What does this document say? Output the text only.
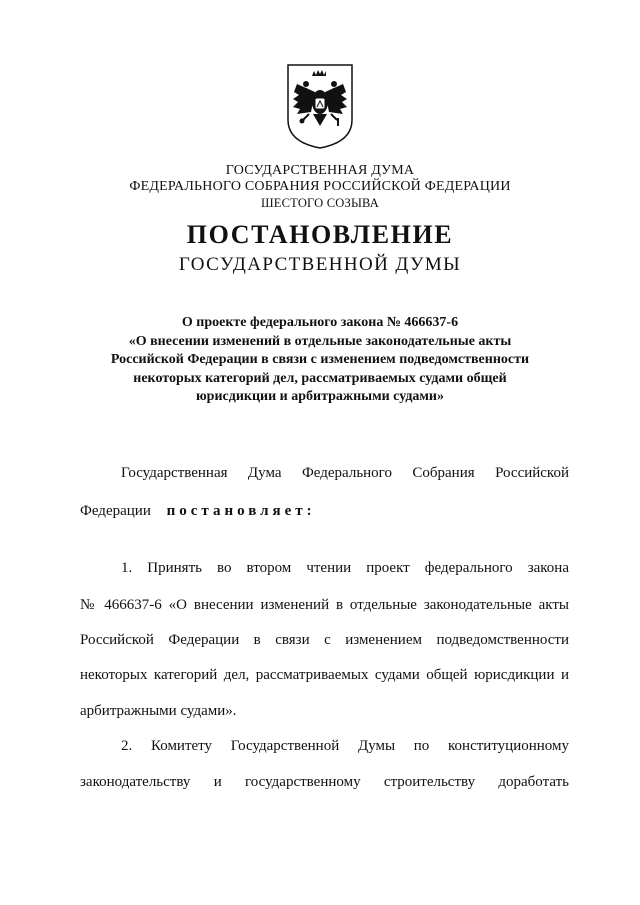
ГОСУДАРСТВЕННАЯ ДУМА
ФЕДЕРАЛЬНОГО СОБРАНИЯ РОССИЙСКОЙ ФЕДЕРАЦИИ
ШЕСТОГО СОЗЫВА
ПОСТАНОВЛЕНИЕ
ГОСУДАРСТВЕННОЙ ДУМЫ
О проекте федерального закона № 466637-6
«О внесении изменений в отдельные законодательные акты
Российской Федерации в связи с изменением подведомственности
некоторых категорий дел, рассматриваемых судами общей
юрисдикции и арбитражными судами»
Государственная Дума Федерального Собрания Российской
Федерации постановляет:
1. Принять во втором чтении проект федерального закона
№ 466637-6 «О внесении изменений в отдельные законодательные акты
Российской Федерации в связи с изменением подведомственности
некоторых категорий дел, рассматриваемых судами общей юрисдикции и
арбитражными судами».
2. Комитету Государственной Думы по конституционному
законодательству и государственному строительству доработать
